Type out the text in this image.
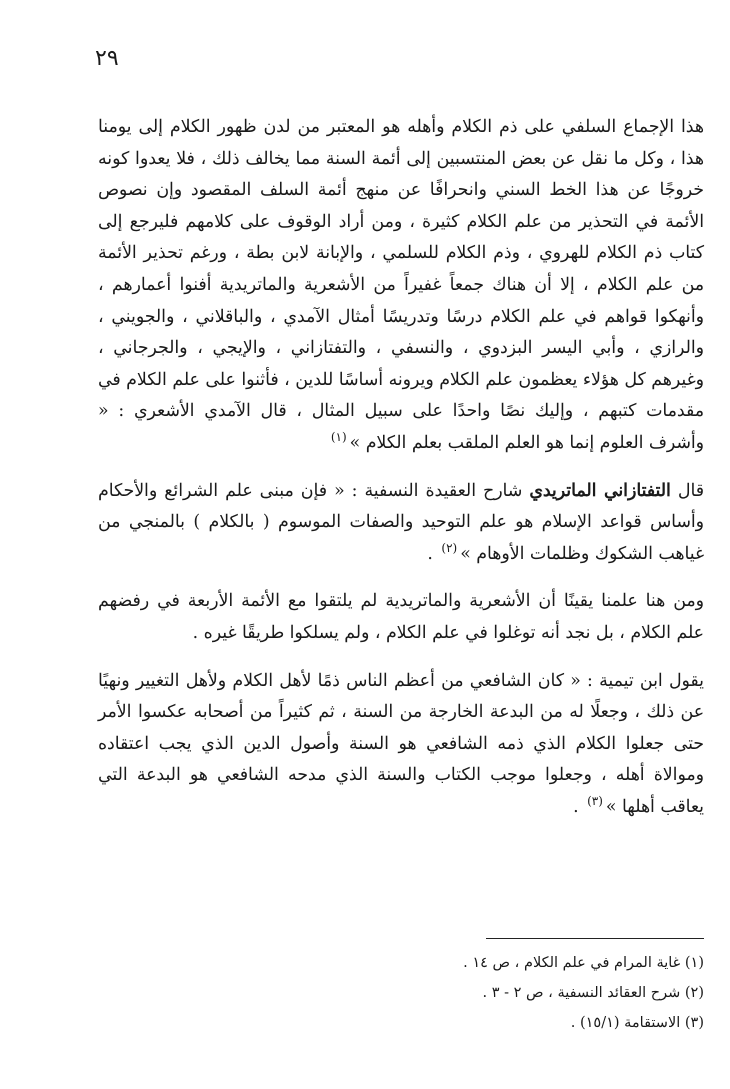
٢٩

هذا الإجماع السلفي على ذم الكلام وأهله هو المعتبر من لدن ظهور الكلام إلى يومنا هذا ، وكل ما نقل عن بعض المنتسبين إلى أئمة السنة مما يخالف ذلك ، فلا يعدوا كونه خروجًا عن هذا الخط السني وانحرافًا عن منهج أئمة السلف المقصود وإن نصوص الأئمة في التحذير من علم الكلام كثيرة ، ومن أراد الوقوف على كلامهم فليرجع إلى كتاب ذم الكلام للهروي ، وذم الكلام للسلمي ، والإبانة لابن بطة ، ورغم تحذير الأئمة من علم الكلام ، إلا أن هناك جمعاً غفيراً من الأشعرية والماتريدية أفنوا أعمارهم ، وأنهكوا قواهم في علم الكلام درسًا وتدريسًا أمثال الآمدي ، والباقلاني ، والجويني ، والرازي ، وأبي اليسر البزدوي ، والنسفي ، والتفتازاني ، والإيجي ، والجرجاني ، وغيرهم كل هؤلاء يعظمون علم الكلام ويرونه أساسًا للدين ، فأثنوا على علم الكلام في مقدمات كتبهم ، وإليك نصًا واحدًا على سبيل المثال ، قال الآمدي الأشعري : « وأشرف العلوم إنما هو العلم الملقب بعلم الكلام »$^{(١)}$

قال التفتازاني الماتريدي شارح العقيدة النسفية : « فإن مبنى علم الشرائع والأحكام وأساس قواعد الإسلام هو علم التوحيد والصفات الموسوم ( بالكلام ) بالمنجي من غياهب الشكوك وظلمات الأوهام »$^{(٢)}$ .

ومن هنا علمنا يقينًا أن الأشعرية والماتريدية لم يلتقوا مع الأئمة الأربعة في رفضهم علم الكلام ، بل نجد أنه توغلوا في علم الكلام ، ولم يسلكوا طريقًا غيره .

يقول ابن تيمية : « كان الشافعي من أعظم الناس ذمًا لأهل الكلام ولأهل التغيير ونهيًا عن ذلك ، وجعلًا له من البدعة الخارجة من السنة ، ثم كثيراً من أصحابه عكسوا الأمر حتى جعلوا الكلام الذي ذمه الشافعي هو السنة وأصول الدين الذي يجب اعتقاده وموالاة أهله ، وجعلوا موجب الكتاب والسنة الذي مدحه الشافعي هو البدعة التي يعاقب أهلها »$^{(٣)}$ .

(١) غاية المرام في علم الكلام ، ص ١٤ .

(٢) شرح العقائد النسفية ، ص ٢ - ٣ .

(٣) الاستقامة (١٥/١) .
